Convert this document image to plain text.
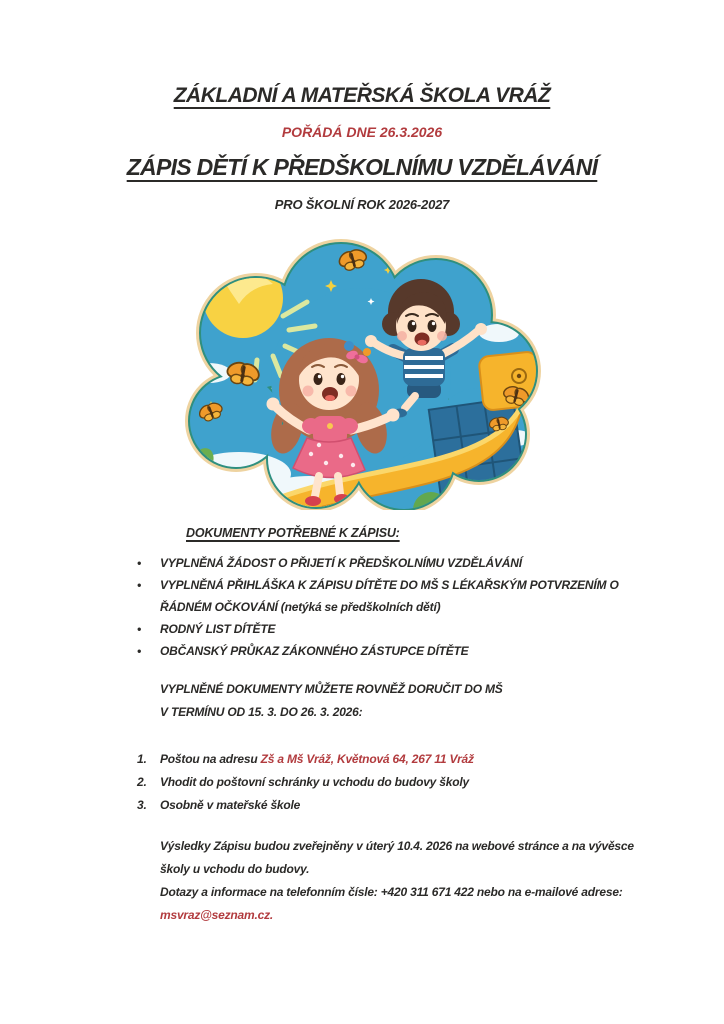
ZÁKLADNÍ A MATEŘSKÁ ŠKOLA VRÁŽ

POŘÁDÁ DNE 26.3.2026

ZÁPIS DĚTÍ K PŘEDŠKOLNÍMU VZDĚLÁVÁNÍ

PRO ŠKOLNÍ ROK 2026-2027

DOKUMENTY POTŘEBNÉ K ZÁPISU:
•	VYPLNĚNÁ ŽÁDOST O PŘIJETÍ K PŘEDŠKOLNÍMU VZDĚLÁVÁNÍ
•	VYPLNĚNÁ PŘIHLÁŠKA K ZÁPISU DÍTĚTE DO MŠ S LÉKAŘSKÝM POTVRZENÍM O ŘÁDNÉM OČKOVÁNÍ (netýká se předškolních dětí)
•	RODNÝ LIST DÍTĚTE
•	OBČANSKÝ PRŮKAZ ZÁKONNÉHO ZÁSTUPCE DÍTĚTE
VYPLNĚNÉ DOKUMENTY MŮŽETE ROVNĚŽ DORUČIT DO MŠ
V TERMÍNU OD 15. 3. DO 26. 3. 2026:
1.	Poštou na adresu Zš a Mš Vráž, Květnová 64, 267 11 Vráž
2.	Vhodit do poštovní schránky u vchodu do budovy školy
3.	Osobně v mateřské škole

Výsledky Zápisu budou zveřejněny v úterý 10.4. 2026 na webové stránce a na vývěsce školy u vchodu do budovy.

Dotazy a informace na telefonním čísle: +420 311 671 422 nebo na e-mailové adrese:

msvraz@seznam.cz.
